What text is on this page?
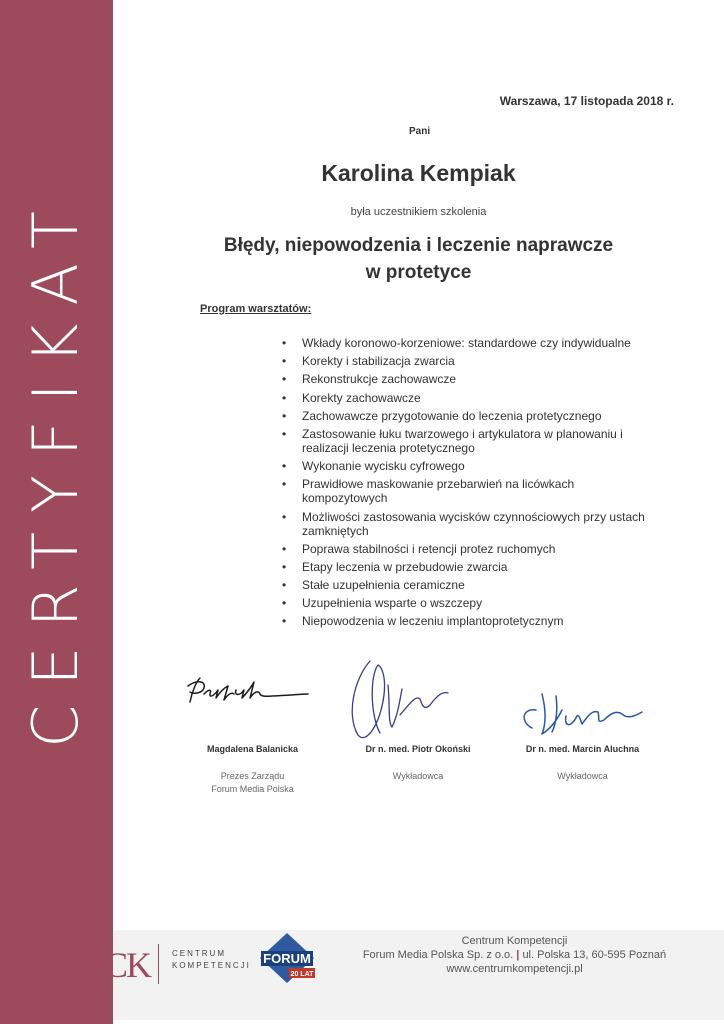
CERTYFIKAT
Warszawa, 17 listopada 2018 r.
Pani
Karolina Kempiak
była uczestnikiem szkolenia
Błędy, niepowodzenia i leczenie naprawcze
w protetyce
Program warsztatów:
• Wkłady koronowo-korzeniowe: standardowe czy indywidualne
• Korekty i stabilizacja zwarcia
• Rekonstrukcje zachowawcze
• Korekty zachowawcze
• Zachowawcze przygotowanie do leczenia protetycznego
• Zastosowanie łuku twarzowego i artykulatora w planowaniu i realizacji leczenia protetycznego
• Wykonanie wycisku cyfrowego
• Prawidłowe maskowanie przebarwień na licówkach kompozytowych
• Możliwości zastosowania wycisków czynnościowych przy ustach zamkniętych
• Poprawa stabilności i retencji protez ruchomych
• Etapy leczenia w przebudowie zwarcia
• Stałe uzupełnienia ceramiczne
• Uzupełnienia wsparte o wszczepy
• Niepowodzenia w leczeniu implantoprotetycznym
Magdalena Balanicka
Prezes Zarządu
Forum Media Polska
Dr n. med. Piotr Okoński
Wykładowca
Dr n. med. Marcin Aluchna
Wykładowca
CK	CENTRUM
KOMPETENCJI FORUM
20 LAT
Centrum Kompetencji
Forum Media Polska Sp. z o.o. | ul. Polska 13, 60-595 Poznań
www.centrumkompetencji.pl
